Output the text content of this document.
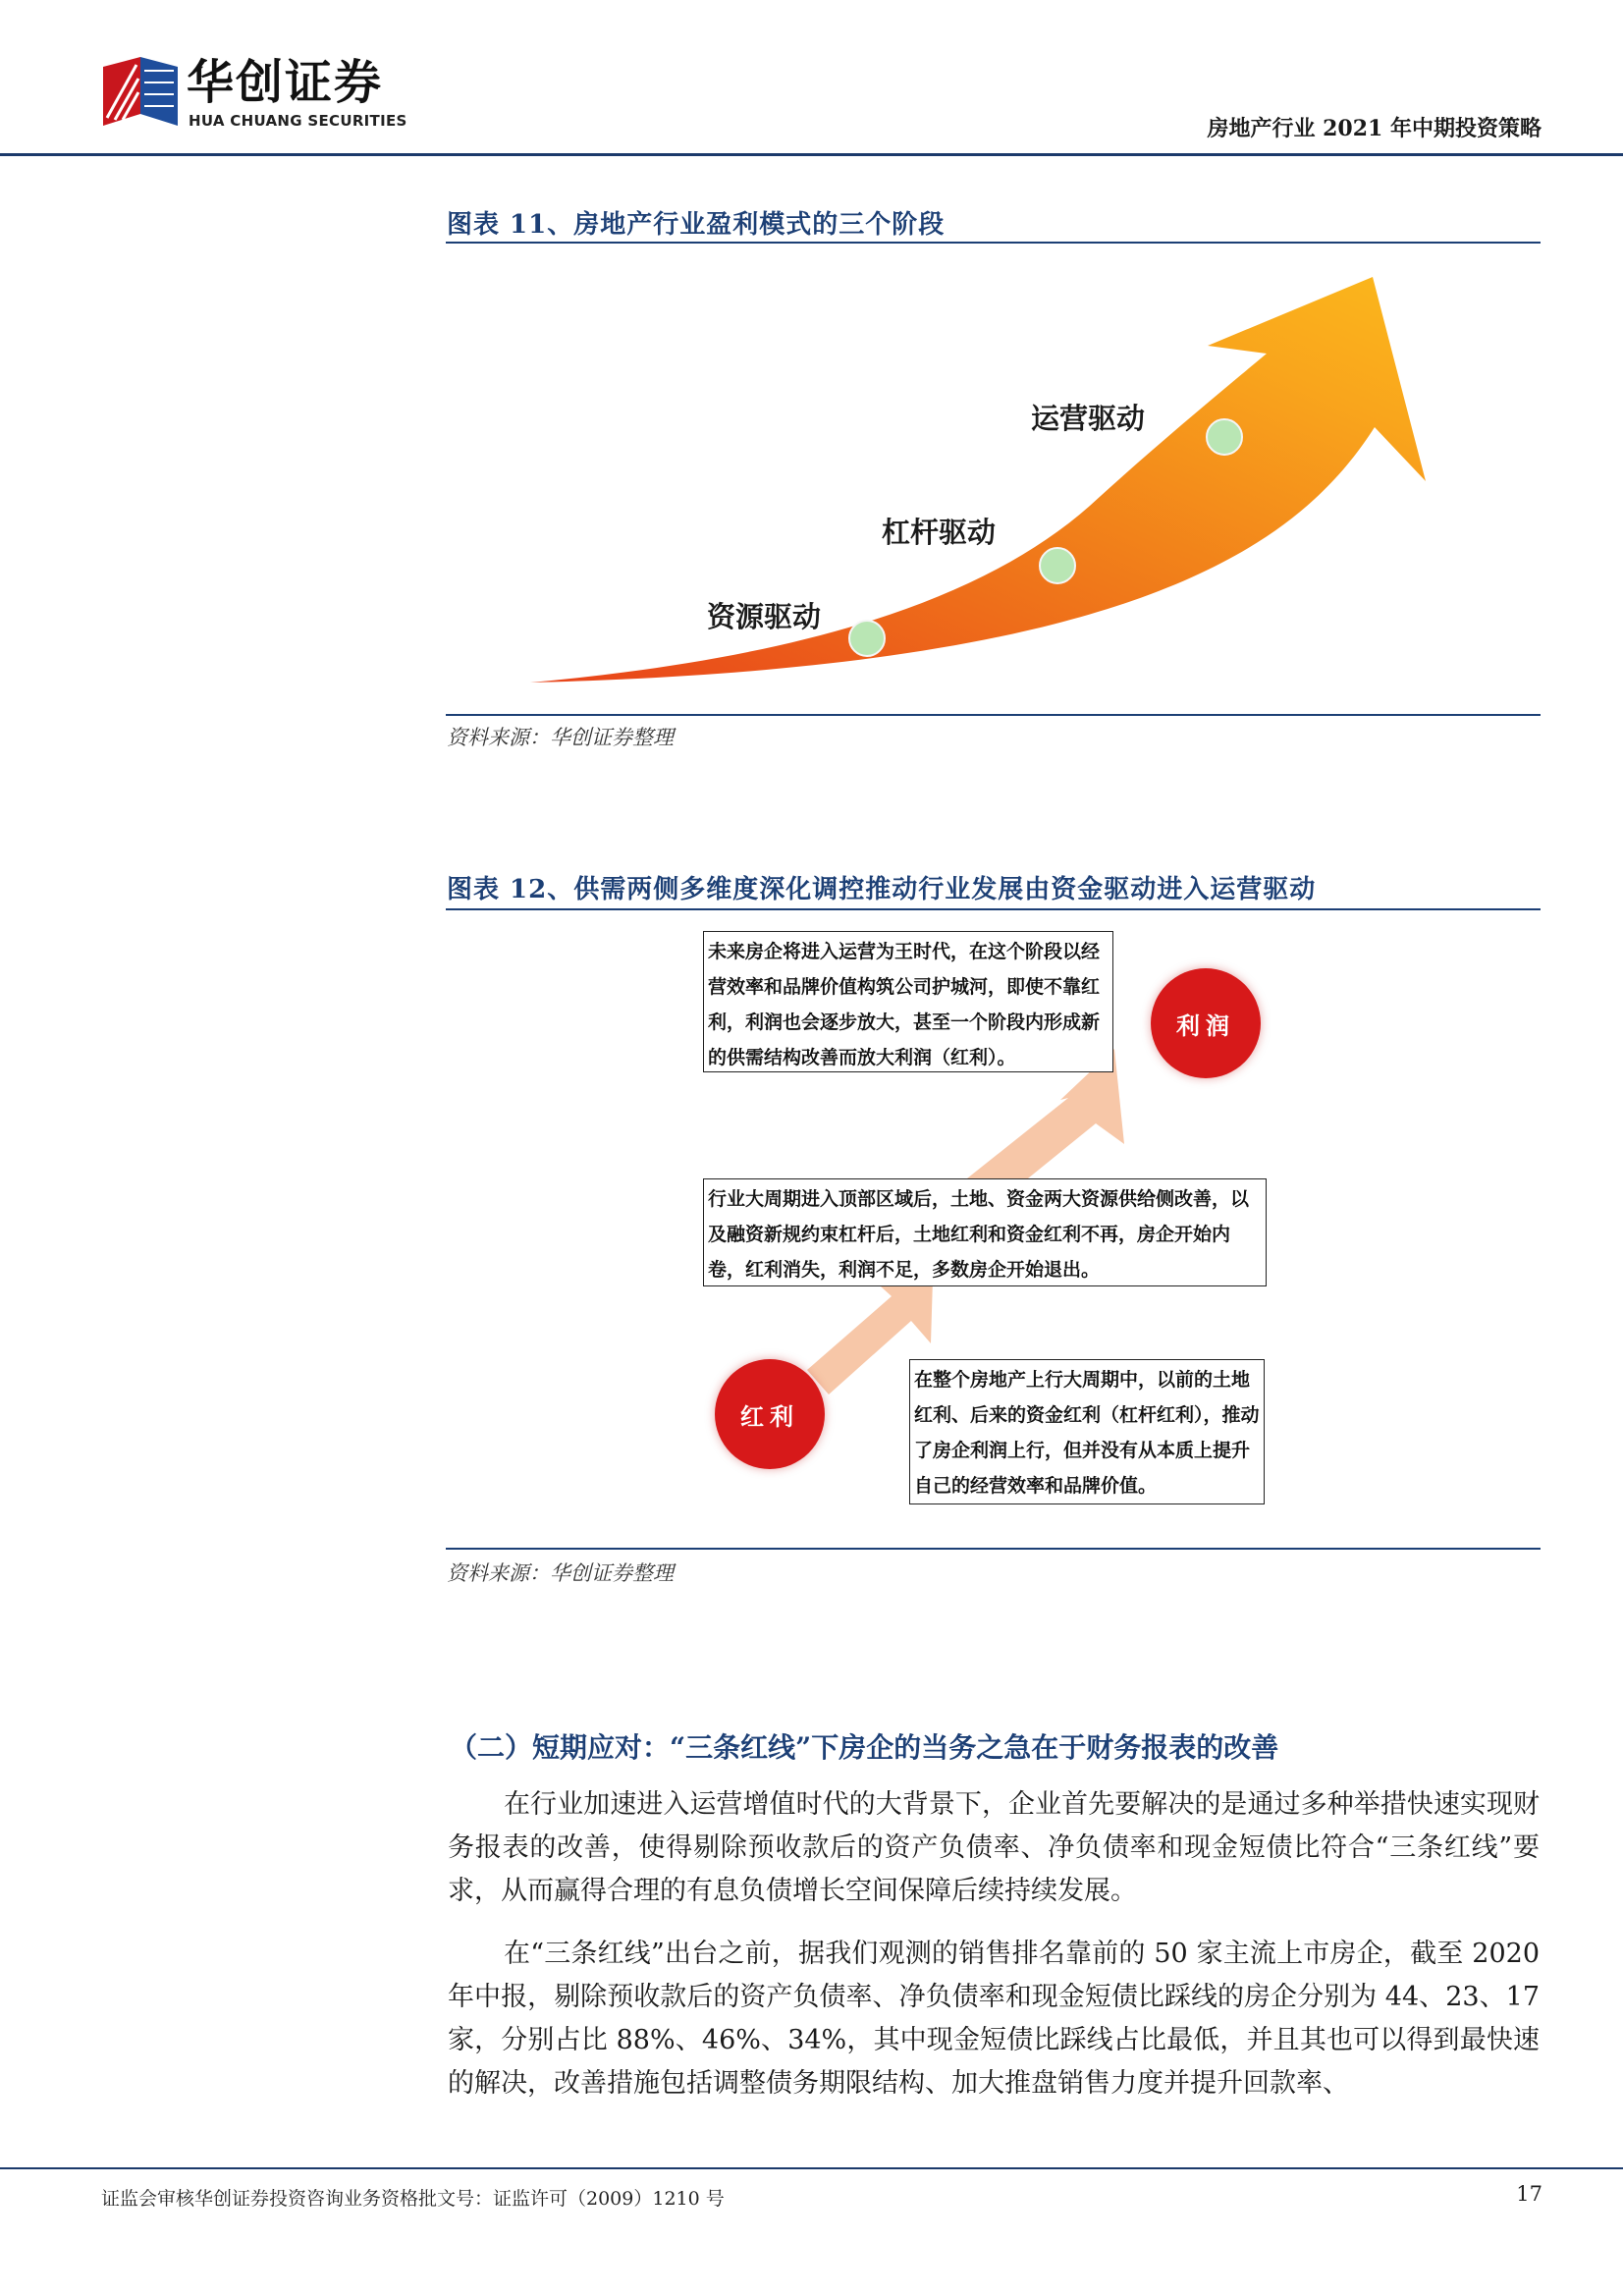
华创证券
HUA CHUANG SECURITIES	房地产行业 2021 年中期投资策略
图表 11、房地产行业盈利模式的三个阶段
资源驱动
杠杆驱动
运营驱动
资料来源：华创证券整理
图表 12、供需两侧多维度深化调控推动行业发展由资金驱动进入运营驱动
未来房企将进入运营为王时代，在这个阶段以经营效率和品牌价值构筑公司护城河，即使不靠红利，利润也会逐步放大，甚至一个阶段内形成新的供需结构改善而放大利润（红利）。
利润
行业大周期进入顶部区域后，土地、资金两大资源供给侧改善，以及融资新规约束杠杆后，土地红利和资金红利不再，房企开始内卷，红利消失，利润不足，多数房企开始退出。
红利
在整个房地产上行大周期中，以前的土地红利、后来的资金红利（杠杆红利），推动了房企利润上行，但并没有从本质上提升自己的经营效率和品牌价值。
资料来源：华创证券整理
（二）短期应对：“三条红线”下房企的当务之急在于财务报表的改善
在行业加速进入运营增值时代的大背景下，企业首先要解决的是通过多种举措快速实现财务报表的改善，使得剔除预收款后的资产负债率、净负债率和现金短债比符合“三条红线”要求，从而赢得合理的有息负债增长空间保障后续持续发展。
在“三条红线”出台之前，据我们观测的销售排名靠前的 50 家主流上市房企，截至 2020 年中报，剔除预收款后的资产负债率、净负债率和现金短债比踩线的房企分别为 44、23、17 家，分别占比 88%、46%、34%，其中现金短债比踩线占比最低，并且其也可以得到最快速的解决，改善措施包括调整债务期限结构、加大推盘销售力度并提升回款率、
证监会审核华创证券投资咨询业务资格批文号：证监许可（2009）1210 号	17
